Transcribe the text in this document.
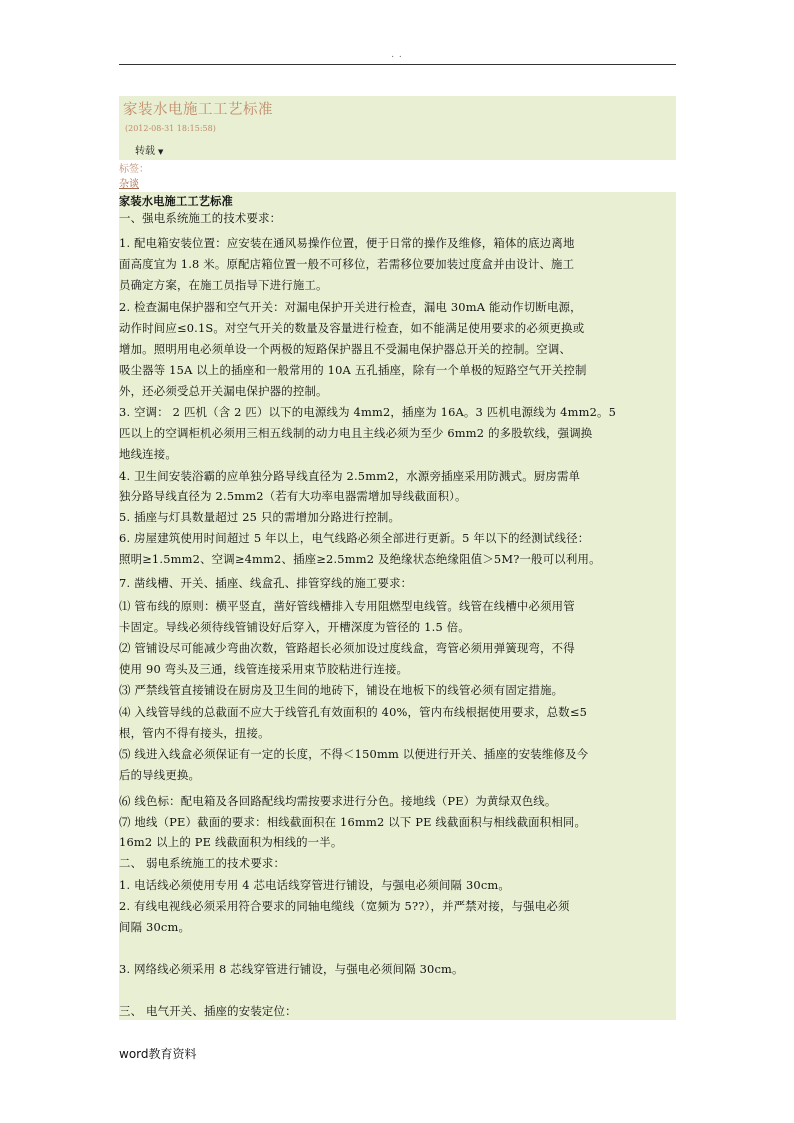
. .
家装水电施工工艺标准
(2012-08-31 18:15:58)
转载 ▼
标签：
杂谈
家装水电施工工艺标准
一、强电系统施工的技术要求：
1. 配电箱安装位置：应安装在通风易操作位置，便于日常的操作及维修，箱体的底边离地
面高度宜为 1.8 米。原配店箱位置一般不可移位，若需移位要加装过度盒并由设计、施工
员确定方案，在施工员指导下进行施工。
2. 检查漏电保护器和空气开关：对漏电保护开关进行检查，漏电 30mA 能动作切断电源，
动作时间应≤0.1S。对空气开关的数量及容量进行检查，如不能满足使用要求的必须更换或
增加。照明用电必须单设一个两极的短路保护器且不受漏电保护器总开关的控制。空调、
吸尘器等 15A 以上的插座和一般常用的 10A 五孔插座，除有一个单极的短路空气开关控制
外，还必须受总开关漏电保护器的控制。
3. 空调： 2 匹机（含 2 匹）以下的电源线为 4mm2，插座为 16A。3 匹机电源线为 4mm2。5
匹以上的空调柜机必须用三相五线制的动力电且主线必须为至少 6mm2 的多股软线，强调换
地线连接。
4. 卫生间安装浴霸的应单独分路导线直径为 2.5mm2，水源旁插座采用防溅式。厨房需单
独分路导线直径为 2.5mm2（若有大功率电器需增加导线截面积）。
5. 插座与灯具数量超过 25 只的需增加分路进行控制。
6. 房屋建筑使用时间超过 5 年以上，电气线路必须全部进行更新。5 年以下的经测试线径：
照明≥1.5mm2、空调≥4mm2、插座≥2.5mm2 及绝缘状态绝缘阻值＞5M?一般可以利用。
7. 凿线槽、开关、插座、线盒孔、排管穿线的施工要求：
⑴ 管布线的原则：横平竖直，凿好管线槽排入专用阻燃型电线管。线管在线槽中必须用管
卡固定。导线必须待线管铺设好后穿入，开槽深度为管径的 1.5 倍。
⑵ 管铺设尽可能减少弯曲次数，管路超长必须加设过度线盒，弯管必须用弹簧现弯，不得
使用 90 弯头及三通，线管连接采用束节胶粘进行连接。
⑶ 严禁线管直接铺设在厨房及卫生间的地砖下，铺设在地板下的线管必须有固定措施。
⑷ 入线管导线的总截面不应大于线管孔有效面积的 40%，管内布线根据使用要求，总数≤5
根，管内不得有接头，扭接。
⑸ 线进入线盒必须保证有一定的长度，不得＜150mm 以便进行开关、插座的安装维修及今
后的导线更换。
⑹ 线色标：配电箱及各回路配线均需按要求进行分色。接地线（PE）为黄绿双色线。
⑺ 地线（PE）截面的要求：相线截面积在 16mm2 以下 PE 线截面积与相线截面积相同。
16m2 以上的 PE 线截面积为相线的一半。
二、 弱电系统施工的技术要求：
1. 电话线必须使用专用 4 芯电话线穿管进行铺设，与强电必须间隔 30cm。
2. 有线电视线必须采用符合要求的同轴电缆线（宽频为 5??），并严禁对接，与强电必须
间隔 30cm。
3. 网络线必须采用 8 芯线穿管进行铺设，与强电必须间隔 30cm。
三、 电气开关、插座的安装定位：
word教育资料
